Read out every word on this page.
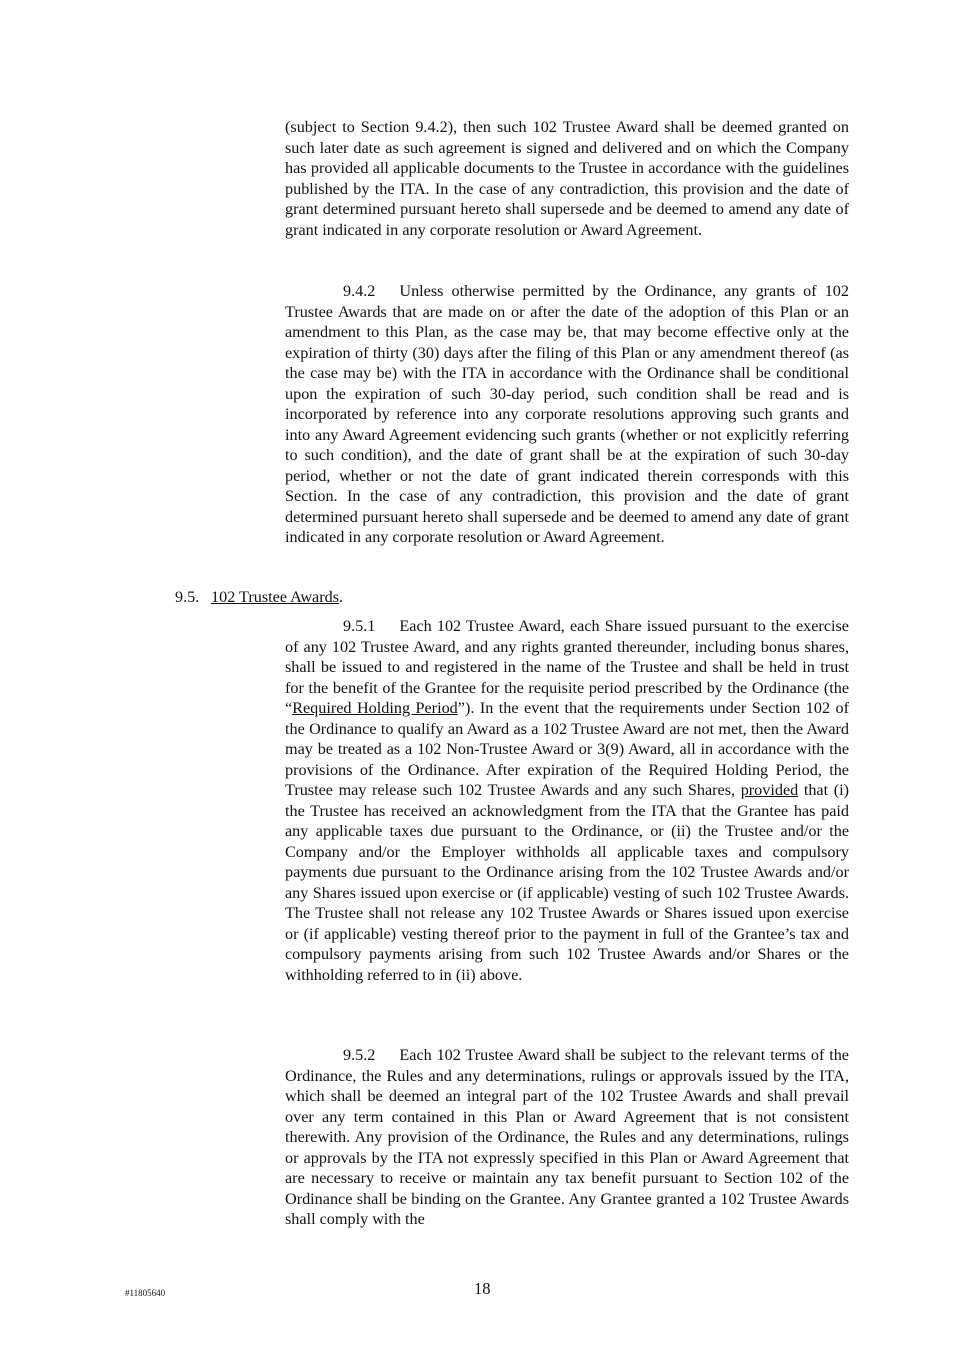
(subject to Section 9.4.2), then such 102 Trustee Award shall be deemed granted on such later date as such agreement is signed and delivered and on which the Company has provided all applicable documents to the Trustee in accordance with the guidelines published by the ITA. In the case of any contradiction, this provision and the date of grant determined pursuant hereto shall supersede and be deemed to amend any date of grant indicated in any corporate resolution or Award Agreement.

9.4.2 Unless otherwise permitted by the Ordinance, any grants of 102 Trustee Awards that are made on or after the date of the adoption of this Plan or an amendment to this Plan, as the case may be, that may become effective only at the expiration of thirty (30) days after the filing of this Plan or any amendment thereof (as the case may be) with the ITA in accordance with the Ordinance shall be conditional upon the expiration of such 30-day period, such condition shall be read and is incorporated by reference into any corporate resolutions approving such grants and into any Award Agreement evidencing such grants (whether or not explicitly referring to such condition), and the date of grant shall be at the expiration of such 30-day period, whether or not the date of grant indicated therein corresponds with this Section. In the case of any contradiction, this provision and the date of grant determined pursuant hereto shall supersede and be deemed to amend any date of grant indicated in any corporate resolution or Award Agreement.

9.5. 102 Trustee Awards.

9.5.1 Each 102 Trustee Award, each Share issued pursuant to the exercise of any 102 Trustee Award, and any rights granted thereunder, including bonus shares, shall be issued to and registered in the name of the Trustee and shall be held in trust for the benefit of the Grantee for the requisite period prescribed by the Ordinance (the “Required Holding Period”). In the event that the requirements under Section 102 of the Ordinance to qualify an Award as a 102 Trustee Award are not met, then the Award may be treated as a 102 Non-Trustee Award or 3(9) Award, all in accordance with the provisions of the Ordinance. After expiration of the Required Holding Period, the Trustee may release such 102 Trustee Awards and any such Shares, provided that (i) the Trustee has received an acknowledgment from the ITA that the Grantee has paid any applicable taxes due pursuant to the Ordinance, or (ii) the Trustee and/or the Company and/or the Employer withholds all applicable taxes and compulsory payments due pursuant to the Ordinance arising from the 102 Trustee Awards and/or any Shares issued upon exercise or (if applicable) vesting of such 102 Trustee Awards. The Trustee shall not release any 102 Trustee Awards or Shares issued upon exercise or (if applicable) vesting thereof prior to the payment in full of the Grantee’s tax and compulsory payments arising from such 102 Trustee Awards and/or Shares or the withholding referred to in (ii) above.

9.5.2 Each 102 Trustee Award shall be subject to the relevant terms of the Ordinance, the Rules and any determinations, rulings or approvals issued by the ITA, which shall be deemed an integral part of the 102 Trustee Awards and shall prevail over any term contained in this Plan or Award Agreement that is not consistent therewith. Any provision of the Ordinance, the Rules and any determinations, rulings or approvals by the ITA not expressly specified in this Plan or Award Agreement that are necessary to receive or maintain any tax benefit pursuant to Section 102 of the Ordinance shall be binding on the Grantee. Any Grantee granted a 102 Trustee Awards shall comply with the

#11805640	18
